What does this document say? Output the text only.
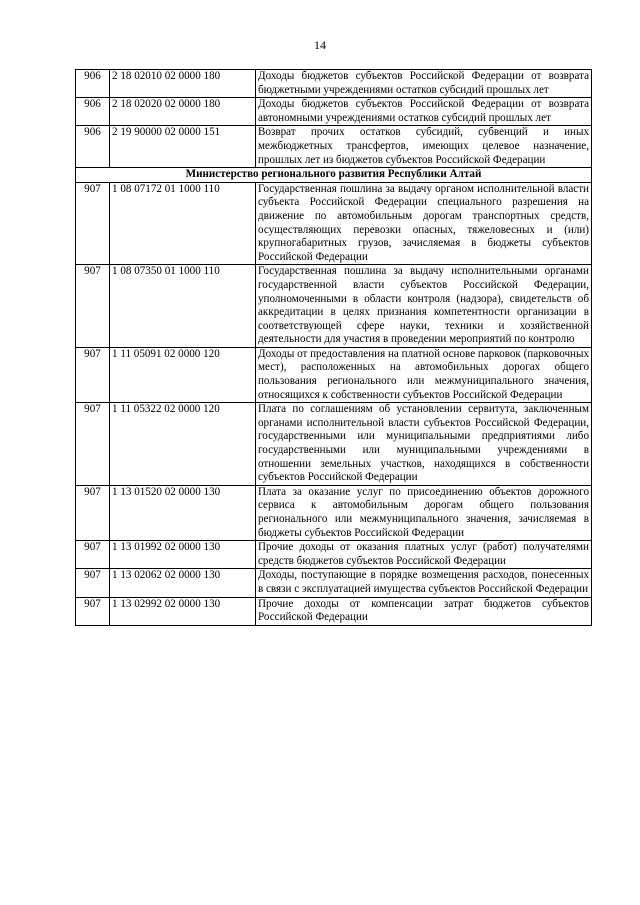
14
906	2 18 02010 02 0000 180	Доходы бюджетов субъектов Российской Федерации от возврата бюджетными учреждениями остатков субсидий прошлых лет
906	2 18 02020 02 0000 180	Доходы бюджетов субъектов Российской Федерации от возврата автономными учреждениями остатков субсидий прошлых лет
906	2 19 90000 02 0000 151	Возврат прочих остатков субсидий, субвенций и иных межбюджетных трансфертов, имеющих целевое назначение, прошлых лет из бюджетов субъектов Российской Федерации
Министерство регионального развития Республики Алтай		
907	1 08 07172 01 1000 110	Государственная пошлина за выдачу органом исполнительной власти субъекта Российской Федерации специального разрешения на движение по автомобильным дорогам транспортных средств, осуществляющих перевозки опасных, тяжеловесных и (или) крупногабаритных грузов, зачисляемая в бюджеты субъектов Российской Федерации
907	1 08 07350 01 1000 110	Государственная пошлина за выдачу исполнительными органами государственной власти субъектов Российской Федерации, уполномоченными в области контроля (надзора), свидетельств об аккредитации в целях признания компетентности организации в соответствующей сфере науки, техники и хозяйственной деятельности для участия в проведении мероприятий по контролю
907	1 11 05091 02 0000 120	Доходы от предоставления на платной основе парковок (парковочных мест), расположенных на автомобильных дорогах общего пользования регионального или межмуниципального значения, относящихся к собственности субъектов Российской Федерации
907	1 11 05322 02 0000 120	Плата по соглашениям об установлении сервитута, заключенным органами исполнительной власти субъектов Российской Федерации, государственными или муниципальными предприятиями либо государственными или муниципальными учреждениями в отношении земельных участков, находящихся в собственности субъектов Российской Федерации
907	1 13 01520 02 0000 130	Плата за оказание услуг по присоединению объектов дорожного сервиса к автомобильным дорогам общего пользования регионального или межмуниципального значения, зачисляемая в бюджеты субъектов Российской Федерации
907	1 13 01992 02 0000 130	Прочие доходы от оказания платных услуг (работ) получателями средств бюджетов субъектов Российской Федерации
907	1 13 02062 02 0000 130	Доходы, поступающие в порядке возмещения расходов, понесенных в связи с эксплуатацией имущества субъектов Российской Федерации
907	1 13 02992 02 0000 130	Прочие доходы от компенсации затрат бюджетов субъектов Российской Федерации
